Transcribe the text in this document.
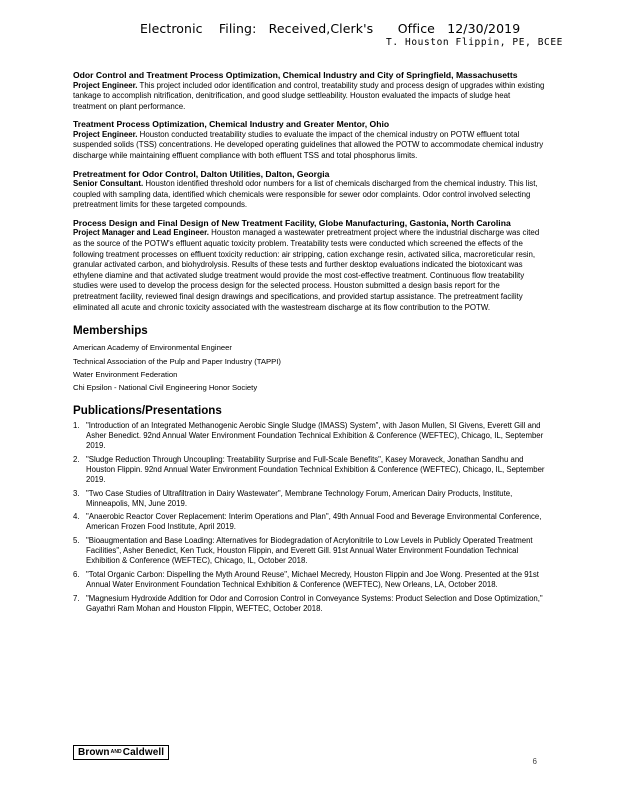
Electronic    Filing:   Received,Clerk's      Office   12/30/2019
T. Houston Flippin, PE, BCEE
Odor Control and Treatment Process Optimization, Chemical Industry and City of Springfield, Massachusetts
Project Engineer. This project included odor identification and control, treatability study and process design of upgrades within existing tankage to accomplish nitrification, denitrification, and good sludge settleability. Houston evaluated the impacts of sludge heat treatment on plant performance.
Treatment Process Optimization, Chemical Industry and Greater Mentor, Ohio
Project Engineer. Houston conducted treatability studies to evaluate the impact of the chemical industry on POTW effluent total suspended solids (TSS) concentrations. He developed operating guidelines that allowed the POTW to accommodate chemical industry discharge while maintaining effluent compliance with both effluent TSS and total phosphorus limits.
Pretreatment for Odor Control, Dalton Utilities, Dalton, Georgia
Senior Consultant. Houston identified threshold odor numbers for a list of chemicals discharged from the chemical industry. This list, coupled with sampling data, identified which chemicals were responsible for sewer odor complaints. Odor control involved selecting pretreatment limits for these targeted compounds.
Process Design and Final Design of New Treatment Facility, Globe Manufacturing, Gastonia, North Carolina
Project Manager and Lead Engineer. Houston managed a wastewater pretreatment project where the industrial discharge was cited as the source of the POTW's effluent aquatic toxicity problem. Treatability tests were conducted which screened the effects of the following treatment processes on effluent toxicity reduction: air stripping, cation exchange resin, activated silica, macroreticular resin, granular activated carbon, and biohydrolysis. Results of these tests and further desktop evaluations indicated the biotoxicant was ethylene diamine and that activated sludge treatment would provide the most cost-effective treatment. Continuous flow treatability studies were used to develop the process design for the selected process. Houston submitted a design basis report for the pretreatment facility, reviewed final design drawings and specifications, and provided startup assistance. The pretreatment facility eliminated all acute and chronic toxicity associated with the wastestream discharge at its flow contribution to the POTW.
Memberships
American Academy of Environmental Engineer
Technical Association of the Pulp and Paper Industry (TAPPI)
Water Environment Federation
Chi Epsilon - National Civil Engineering Honor Society
Publications/Presentations
1. "Introduction of an Integrated Methanogenic Aerobic Single Sludge (IMASS) System", with Jason Mullen, SI Givens, Everett Gill and Asher Benedict. 92nd Annual Water Environment Foundation Technical Exhibition & Conference (WEFTEC), Chicago, IL, September 2019.
2. "Sludge Reduction Through Uncoupling: Treatability Surprise and Full-Scale Benefits", Kasey Moraveck, Jonathan Sandhu and Houston Flippin. 92nd Annual Water Environment Foundation Technical Exhibition & Conference (WEFTEC), Chicago, IL, September 2019.
3. "Two Case Studies of Ultrafiltration in Dairy Wastewater", Membrane Technology Forum, American Dairy Products, Institute, Minneapolis, MN, June 2019.
4. "Anaerobic Reactor Cover Replacement: Interim Operations and Plan", 49th Annual Food and Beverage Environmental Conference, American Frozen Food Institute, April 2019.
5. "Bioaugmentation and Base Loading: Alternatives for Biodegradation of Acrylonitrile to Low Levels in Publicly Operated Treatment Facilities", Asher Benedict, Ken Tuck, Houston Flippin, and Everett Gill. 91st Annual Water Environment Foundation Technical Exhibition & Conference (WEFTEC), Chicago, IL, October 2018.
6. "Total Organic Carbon: Dispelling the Myth Around Reuse", Michael Mecredy, Houston Flippin and Joe Wong. Presented at the 91st Annual Water Environment Foundation Technical Exhibition & Conference (WEFTEC), New Orleans, LA, October 2018.
7. "Magnesium Hydroxide Addition for Odor and Corrosion Control in Conveyance Systems: Product Selection and Dose Optimization," Gayathri Ram Mohan and Houston Flippin, WEFTEC, October 2018.
BrownANDCaldwell
6
